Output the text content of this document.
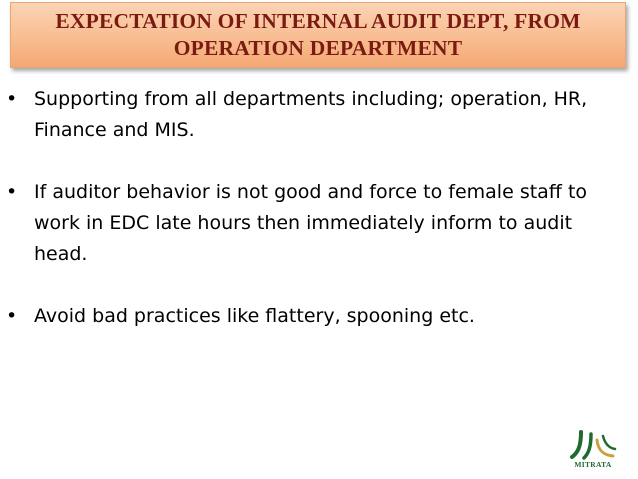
EXPECTATION OF INTERNAL AUDIT DEPT, FROM
OPERATION DEPARTMENT
• Supporting from all departments including; operation, HR, Finance and MIS.
• If auditor behavior is not good and force to female staff to work in EDC late hours then immediately inform to audit head.
• Avoid bad practices like flattery, spooning etc.
MITRATA
